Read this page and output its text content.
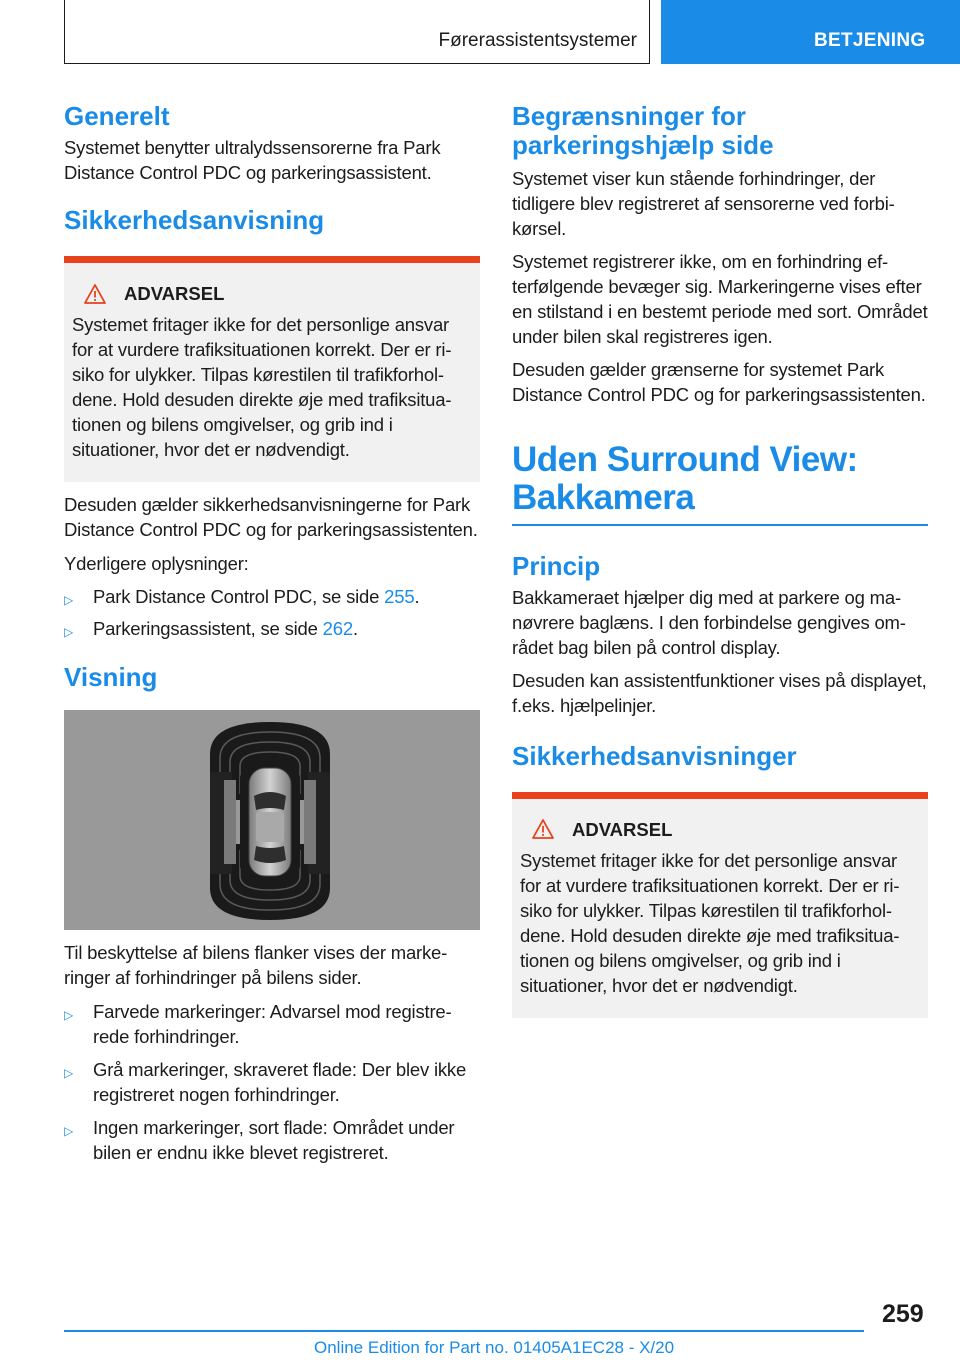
Førerassistentsystemer	BETJENING
Generelt

Systemet benytter ultralydssensorerne fra Park Distance Control PDC og parkeringsassistent.

Sikkerhedsanvisning
ADVARSEL

Systemet fritager ikke for det personlige ansvar for at vurdere trafiksituationen korrekt. Der er risiko for ulykker. Tilpas kørestilen til trafikforholdene. Hold desuden direkte øje med trafiksituationen og bilens omgivelser, og grib ind i situationer, hvor det er nødvendigt.

Desuden gælder sikkerhedsanvisningerne for Park Distance Control PDC og for parkeringsassistenten.

Yderligere oplysninger:

▷ Park Distance Control PDC, se side 255.
▷ Parkeringsassistent, se side 262.
Visning

Til beskyttelse af bilens flanker vises der markeringer af forhindringer på bilens sider.

▷ Farvede markeringer: Advarsel mod registrerede forhindringer.
▷ Grå markeringer, skraveret flade: Der blev ikke registreret nogen forhindringer.
▷ Ingen markeringer, sort flade: Området under bilen er endnu ikke blevet registreret.
Begrænsninger for parkeringshjælp side

Systemet viser kun stående forhindringer, der tidligere blev registreret af sensorerne ved forbikørsel.

Systemet registrerer ikke, om en forhindring efterfølgende bevæger sig. Markeringerne vises efter en stilstand i en bestemt periode med sort. Området under bilen skal registreres igen.

Desuden gælder grænserne for systemet Park Distance Control PDC og for parkeringsassistenten.

Uden Surround View: Bakkamera
Princip

Bakkameraet hjælper dig med at parkere og manøvrere baglæns. I den forbindelse gengives området bag bilen på control display.

Desuden kan assistentfunktioner vises på displayet, f.eks. hjælpelinjer.

Sikkerhedsanvisninger
ADVARSEL

Systemet fritager ikke for det personlige ansvar for at vurdere trafiksituationen korrekt. Der er risiko for ulykker. Tilpas kørestilen til trafikforholdene. Hold desuden direkte øje med trafiksituationen og bilens omgivelser, og grib ind i situationer, hvor det er nødvendigt.

259
Online Edition for Part no. 01405A1EC28 - X/20
